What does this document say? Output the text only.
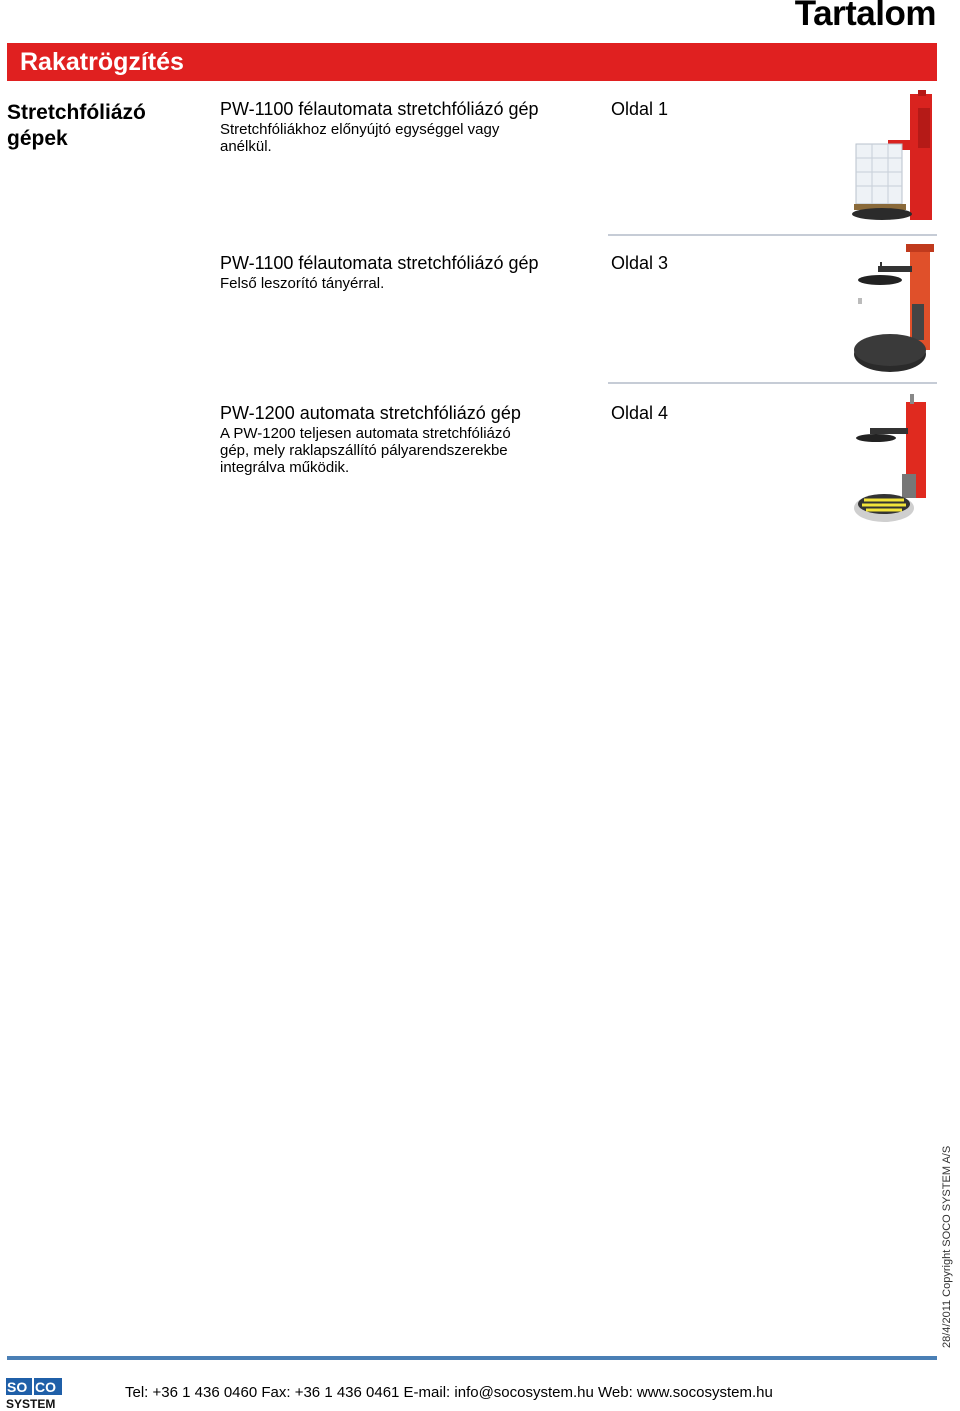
Tartalom
Rakatrögzítés
Stretchfóliázó gépek
PW-1100 félautomata stretchfóliázó gép
Stretchfóliákhoz előnyújtó egységgel vagy anélkül.
Oldal 1
PW-1100 félautomata stretchfóliázó gép
Felső leszorító tányérral.
Oldal 3
PW-1200 automata stretchfóliázó gép
A PW-1200 teljesen automata stretchfóliázó gép, mely raklapszállító pályarendszerekbe integrálva működik.
Oldal 4
28/4/2011 Copyright SOCO SYSTEM A/S
SO CO
SYSTEM
Tel: +36 1 436 0460 Fax: +36 1 436 0461 E-mail: info@socosystem.hu Web: www.socosystem.hu
